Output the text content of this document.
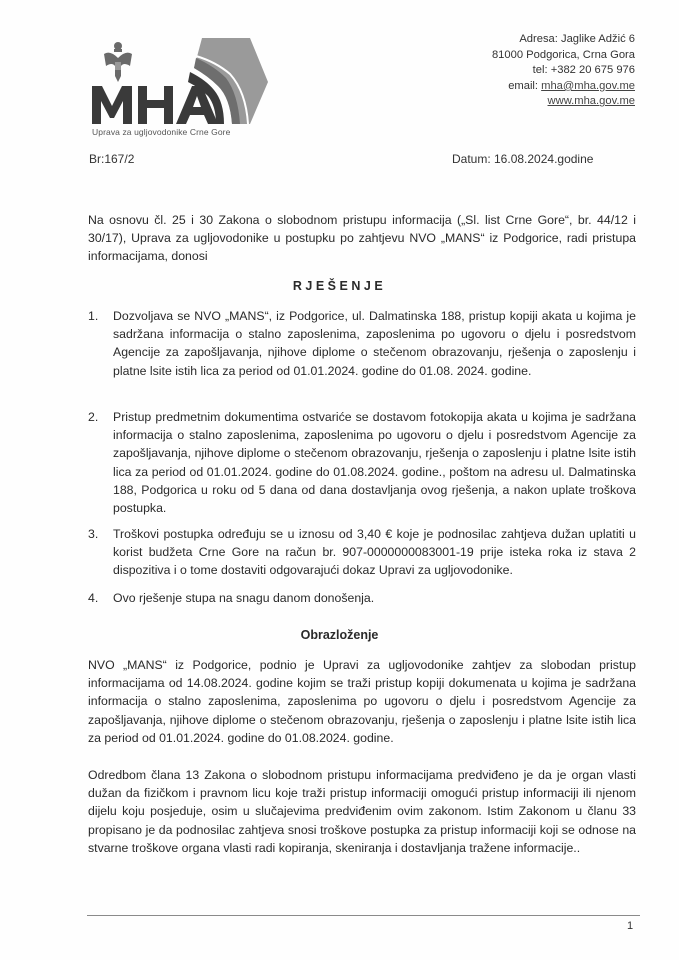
Uprava za ugljovodonike Crne Gore
Adresa: Jaglike Adžić 6
81000 Podgorica, Crna Gora
tel: +382 20 675 976
email: mha@mha.gov.me
www.mha.gov.me
Br:167/2	Datum: 16.08.2024.godine
Na osnovu čl. 25 i 30 Zakona o slobodnom pristupu informacija („Sl. list Crne Gore“, br. 44/12 i 30/17), Uprava za ugljovodonike u postupku po zahtjevu NVO „MANS“ iz Podgorice, radi pristupa informacijama, donosi
RJEŠENJE
1.	Dozvoljava se NVO „MANS“, iz Podgorice, ul. Dalmatinska 188, pristup kopiji akata u kojima je sadržana informacija o stalno zaposlenima, zaposlenima po ugovoru o djelu i posredstvom Agencije za zapošljavanja, njihove diplome o stečenom obrazovanju, rješenja o zaposlenju i platne lsite istih lica za period od 01.01.2024. godine do 01.08. 2024. godine.
2.	Pristup predmetnim dokumentima ostvariće se dostavom fotokopija akata u kojima je sadržana informacija o stalno zaposlenima, zaposlenima po ugovoru o djelu i posredstvom Agencije za zapošljavanja, njihove diplome o stečenom obrazovanju, rješenja o zaposlenju i platne lsite istih lica za period od 01.01.2024. godine do 01.08.2024. godine., poštom na adresu ul. Dalmatinska 188, Podgorica u roku od 5 dana od dana dostavljanja ovog rješenja, a nakon uplate troškova postupka.
3.	Troškovi postupka određuju se u iznosu od 3,40 € koje je podnosilac zahtjeva dužan uplatiti u korist budžeta Crne Gore na račun br. 907-0000000083001-19 prije isteka roka iz stava 2 dispozitiva i o tome dostaviti odgovarajući dokaz Upravi za ugljovodonike.
4.	Ovo rješenje stupa na snagu danom donošenja.
Obrazloženje
NVO „MANS“ iz Podgorice, podnio je Upravi za ugljovodonike zahtjev za slobodan pristup informacijama od 14.08.2024. godine kojim se traži pristup kopiji dokumenata u kojima je sadržana informacija o stalno zaposlenima, zaposlenima po ugovoru o djelu i posredstvom Agencije za zapošljavanja, njihove diplome o stečenom obrazovanju, rješenja o zaposlenju i platne lsite istih lica za period od 01.01.2024. godine do 01.08.2024. godine.
Odredbom člana 13 Zakona o slobodnom pristupu informacijama predviđeno je da je organ vlasti dužan da fizičkom i pravnom licu koje traži pristup informaciji omogući pristup informaciji ili njenom dijelu koju posjeduje, osim u slučajevima predviđenim ovim zakonom. Istim Zakonom u članu 33 propisano je da podnosilac zahtjeva snosi troškove postupka za pristup informaciji koji se odnose na stvarne troškove organa vlasti radi kopiranja, skeniranja i dostavljanja tražene informacije..
1
